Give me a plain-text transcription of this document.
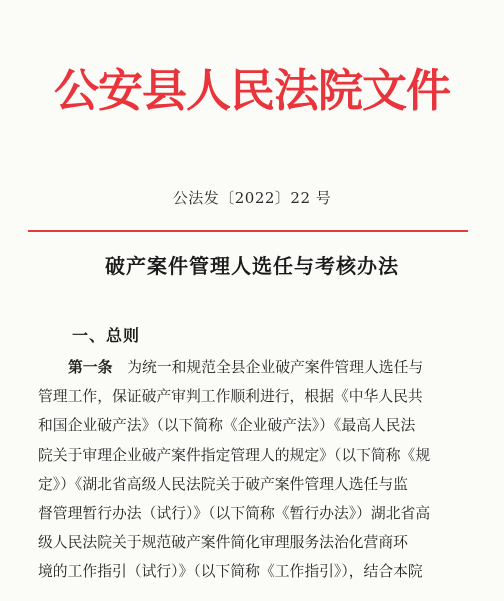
公安县人民法院文件
公法发〔2022〕22 号
破产案件管理人选任与考核办法
一、总则
第一条　 为统一和规范全县企业破产案件管理人选任与
管理工作，保证破产审判工作顺利进行，根据《中华人民共
和国企业破产法》（以下简称《企业破产法》）《最高人民法
院关于审理企业破产案件指定管理人的规定》（以下简称《规
定》）《湖北省高级人民法院关于破产案件管理人选任与监
督管理暂行办法（试行）》（以下简称《暂行办法》）湖北省高
级人民法院关于规范破产案件简化审理服务法治化营商环
境的工作指引（试行）》（以下简称《工作指引》），结合本院
